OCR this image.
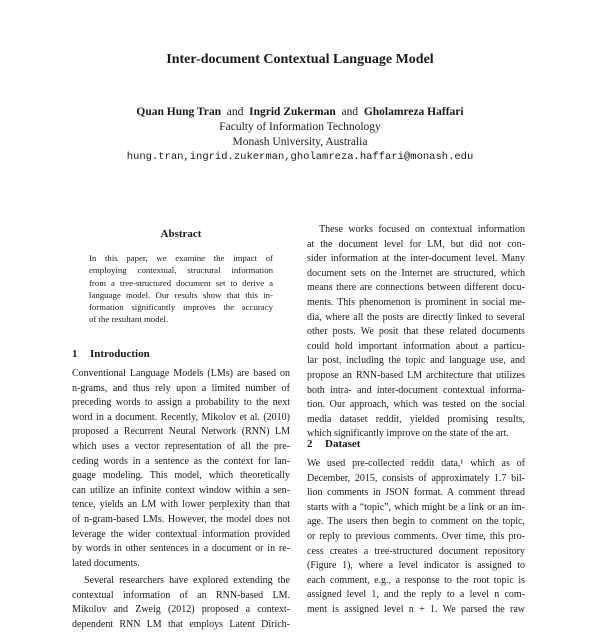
Inter-document Contextual Language Model
Quan Hung Tran and Ingrid Zukerman and Gholamreza Haffari
Faculty of Information Technology
Monash University, Australia
hung.tran,ingrid.zukerman,gholamreza.haffari@monash.edu
Abstract
In this paper, we examine the impact of
employing contextual, structural information
from a tree-structured document set to derive a
language model. Our results show that this in-
formation significantly improves the accuracy
of the resultant model.
1 Introduction
Conventional Language Models (LMs) are based on
n-grams, and thus rely upon a limited number of
preceding words to assign a probability to the next
word in a document. Recently, Mikolov et al. (2010)
proposed a Recurrent Neural Network (RNN) LM
which uses a vector representation of all the pre-
ceding words in a sentence as the context for lan-
guage modeling. This model, which theoretically
can utilize an infinite context window within a sen-
tence, yields an LM with lower perplexity than that
of n-gram-based LMs. However, the model does not
leverage the wider contextual information provided
by words in other sentences in a document or in re-
lated documents.
Several researchers have explored extending the
contextual information of an RNN-based LM.
Mikolov and Zweig (2012) proposed a context-
dependent RNN LM that employs Latent Dirich-
These works focused on contextual information
at the document level for LM, but did not con-
sider information at the inter-document level. Many
document sets on the Internet are structured, which
means there are connections between different docu-
ments. This phenomenon is prominent in social me-
dia, where all the posts are directly linked to several
other posts. We posit that these related documents
could hold important information about a particu-
lar post, including the topic and language use, and
propose an RNN-based LM architecture that utilizes
both intra- and inter-document contextual informa-
tion. Our approach, which was tested on the social
media dataset reddit, yielded promising results,
which significantly improve on the state of the art.
2 Dataset
We used pre-collected reddit data,¹ which as of
December, 2015, consists of approximately 1.7 bil-
lion comments in JSON format. A comment thread
starts with a “topic”, which might be a link or an im-
age. The users then begin to comment on the topic,
or reply to previous comments. Over time, this pro-
cess creates a tree-structured document repository
(Figure 1), where a level indicator is assigned to
each comment, e.g., a response to the root topic is
assigned level 1, and the reply to a level n com-
ment is assigned level n + 1. We parsed the raw
